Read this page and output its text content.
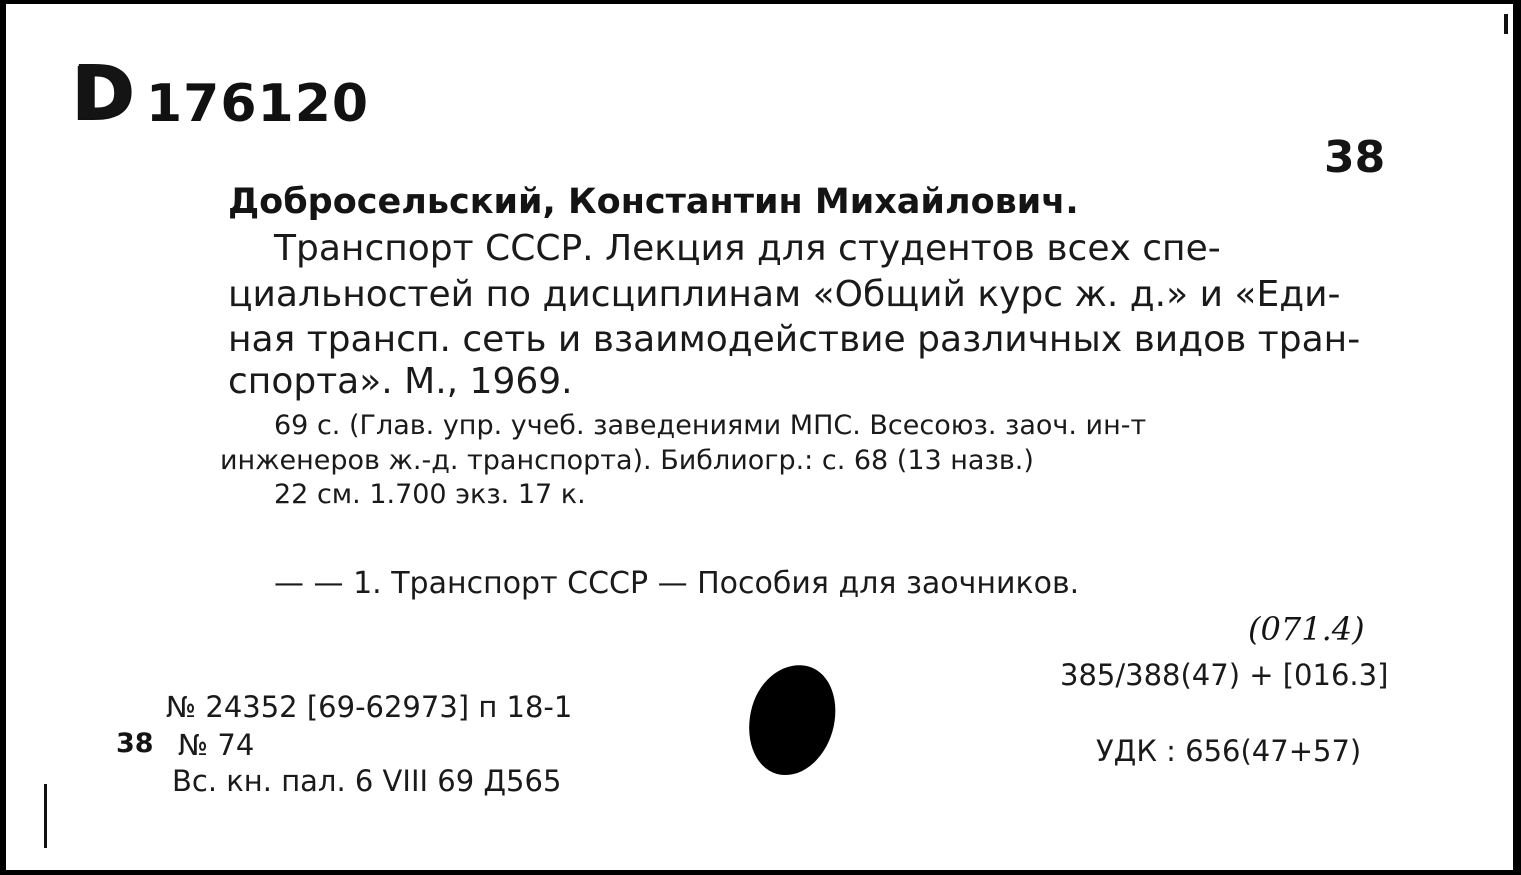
D 176120
38
Добросельский, Константин Михайлович.
Транспорт СССР. Лекция для студентов всех спе-
циальностей по дисциплинам «Общий курс ж. д.» и «Еди-
ная трансп. сеть и взаимодействие различных видов тран-
спорта». М., 1969.
69 с. (Глав. упр. учеб. заведениями МПС. Всесоюз. заоч. ин-т
инженеров ж.-д. транспорта). Библиогр.: с. 68 (13 назв.)
22 см. 1.700 экз. 17 к.
— — 1. Транспорт СССР — Пособия для заочников.
(071.4)
385/388(47) + [016.3]
УДК : 656(47+57)
№ 24352 [69-62973] п 18-1
38 № 74
Вс. кн. пал. 6 VIII 69 Д565
